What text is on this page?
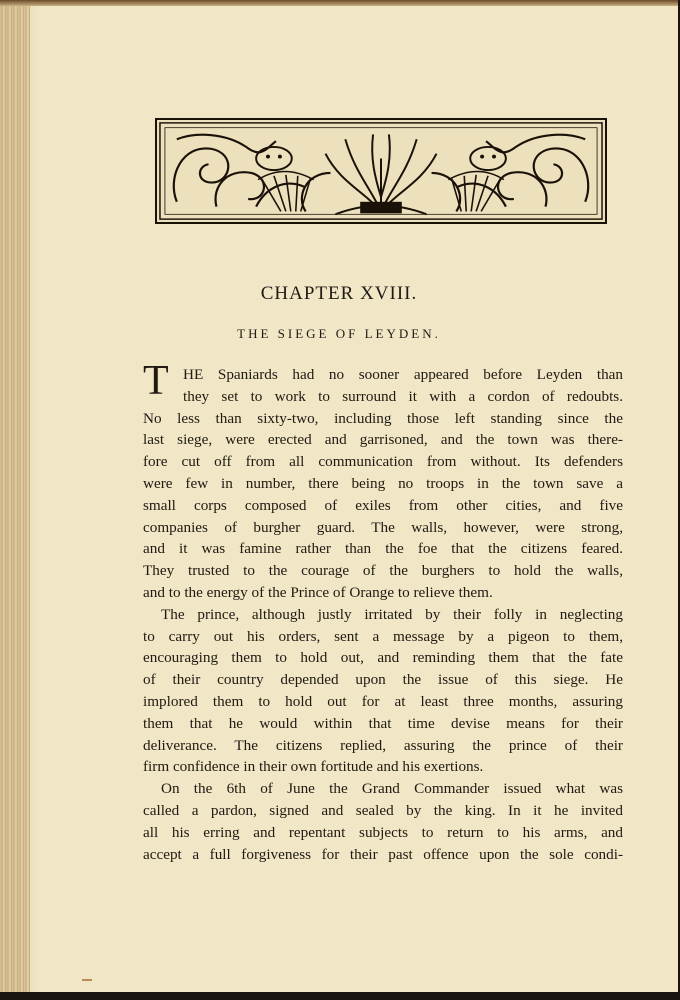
CHAPTER XVIII.
THE SIEGE OF LEYDEN.
T HE Spaniards had no sooner appeared before Leyden than
they set to work to surround it with a cordon of redoubts.
No less than sixty-two, including those left standing since the
last siege, were erected and garrisoned, and the town was there-
fore cut off from all communication from without. Its defenders
were few in number, there being no troops in the town save a
small corps composed of exiles from other cities, and five
companies of burgher guard. The walls, however, were strong,
and it was famine rather than the foe that the citizens feared.
They trusted to the courage of the burghers to hold the walls,
and to the energy of the Prince of Orange to relieve them.
The prince, although justly irritated by their folly in neglecting
to carry out his orders, sent a message by a pigeon to them,
encouraging them to hold out, and reminding them that the fate
of their country depended upon the issue of this siege. He
implored them to hold out for at least three months, assuring
them that he would within that time devise means for their
deliverance. The citizens replied, assuring the prince of their
firm confidence in their own fortitude and his exertions.
On the 6th of June the Grand Commander issued what was
called a pardon, signed and sealed by the king. In it he invited
all his erring and repentant subjects to return to his arms, and
accept a full forgiveness for their past offence upon the sole condi-
